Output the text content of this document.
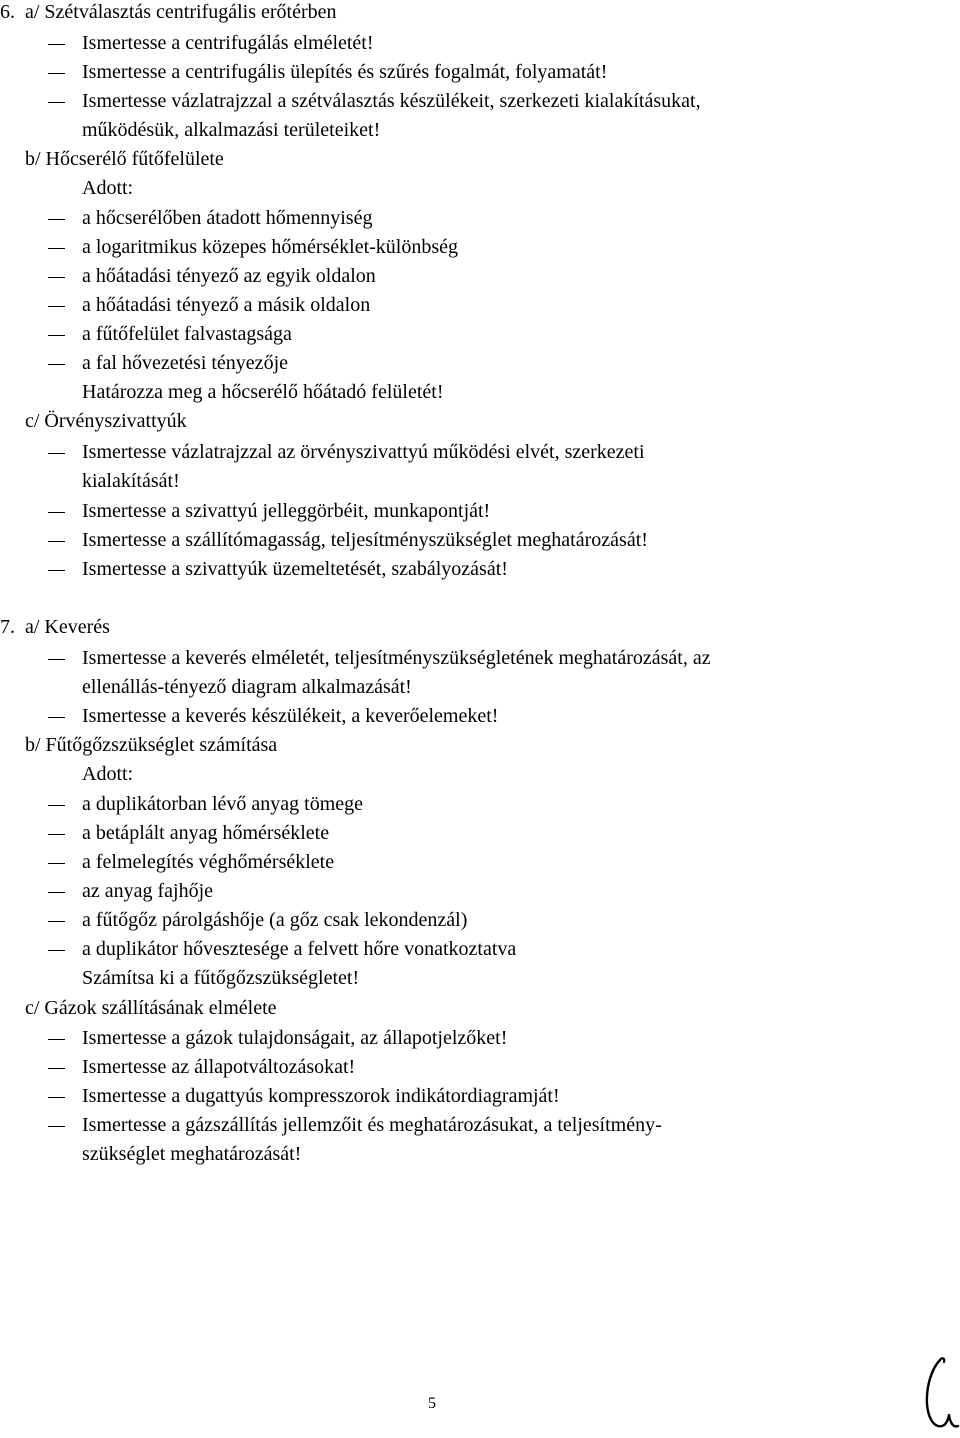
6. a/ Szétválasztás centrifugális erőtérben
Ismertesse a centrifugálás elméletét!
Ismertesse a centrifugális ülepítés és szűrés fogalmát, folyamatát!
Ismertesse vázlatrajzzal a szétválasztás készülékeit, szerkezeti kialakításukat,
működésük, alkalmazási területeiket!
b/ Hőcserélő fűtőfelülete
Adott:
a hőcserélőben átadott hőmennyiség
a logaritmikus közepes hőmérséklet-különbség
a hőátadási tényező az egyik oldalon
a hőátadási tényező a másik oldalon
a fűtőfelület falvastagsága
a fal hővezetési tényezője
Határozza meg a hőcserélő hőátadó felületét!
c/ Örvényszivattyúk
Ismertesse vázlatrajzzal az örvényszivattyú működési elvét, szerkezeti
kialakítását!
Ismertesse a szivattyú jelleggörbéit, munkapontját!
Ismertesse a szállítómagasság, teljesítményszükséglet meghatározását!
Ismertesse a szivattyúk üzemeltetését, szabályozását!
7. a/ Keverés
Ismertesse a keverés elméletét, teljesítményszükségletének meghatározását, az
ellenállás-tényező diagram alkalmazását!
Ismertesse a keverés készülékeit, a keverőelemeket!
b/ Fűtőgőzszükséglet számítása
Adott:
a duplikátorban lévő anyag tömege
a betáplált anyag hőmérséklete
a felmelegítés véghőmérséklete
az anyag fajhője
a fűtőgőz párolgáshője (a gőz csak lekondenzál)
a duplikátor hővesztesége a felvett hőre vonatkoztatva
Számítsa ki a fűtőgőzszükségletet!
c/ Gázok szállításának elmélete
Ismertesse a gázok tulajdonságait, az állapotjelzőket!
Ismertesse az állapotváltozásokat!
Ismertesse a dugattyús kompresszorok indikátordiagramját!
Ismertesse a gázszállítás jellemzőit és meghatározásukat, a teljesítmény-
szükséglet meghatározását!
5
